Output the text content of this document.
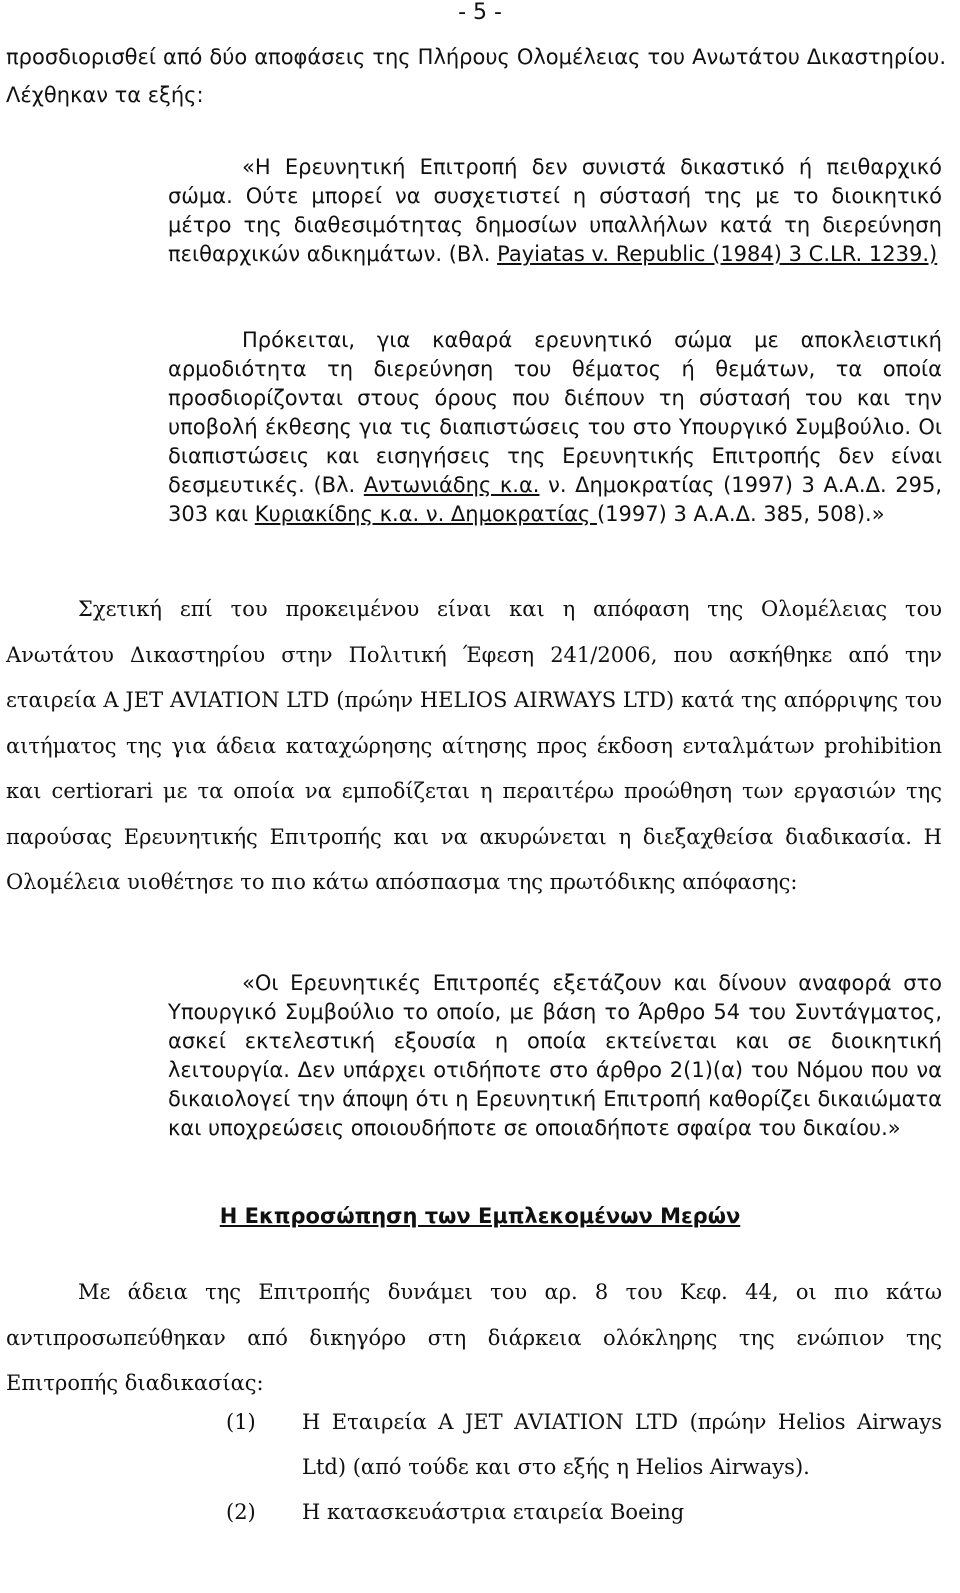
- 5 -
προσδιορισθεί από δύο αποφάσεις της Πλήρους Ολομέλειας του Ανωτάτου Δικαστηρίου. Λέχθηκαν τα εξής:

«Η Ερευνητική Επιτροπή δεν συνιστά δικαστικό ή πειθαρχικό σώμα. Ούτε μπορεί να συσχετιστεί η σύστασή της με το διοικητικό μέτρο της διαθεσιμότητας δημοσίων υπαλλήλων κατά τη διερεύνηση πειθαρχικών αδικημάτων. (Βλ. Payiatas v. Republic (1984) 3 C.LR. 1239.)

Πρόκειται, για καθαρά ερευνητικό σώμα με αποκλειστική αρμοδιότητα τη διερεύνηση του θέματος ή θεμάτων, τα οποία προσδιορίζονται στους όρους που διέπουν τη σύστασή του και την υποβολή έκθεσης για τις διαπιστώσεις του στο Υπουργικό Συμβούλιο. Οι διαπιστώσεις και εισηγήσεις της Ερευνητικής Επιτροπής δεν είναι δεσμευτικές. (Βλ. Αντωνιάδης κ.α. ν. Δημοκρατίας (1997) 3 Α.Α.Δ. 295, 303 και Κυριακίδης κ.α. ν. Δημοκρατίας (1997) 3 Α.Α.Δ. 385, 508).»

Σχετική επί του προκειμένου είναι και η απόφαση της Ολομέλειας του Ανωτάτου Δικαστηρίου στην Πολιτική Έφεση 241/2006, που ασκήθηκε από την εταιρεία A JET AVIATION LTD (πρώην HELIOS AIRWAYS LTD) κατά της απόρριψης του αιτήματος της για άδεια καταχώρησης αίτησης προς έκδοση ενταλμάτων prohibition και certiorari με τα οποία να εμποδίζεται η περαιτέρω προώθηση των εργασιών της παρούσας Ερευνητικής Επιτροπής και να ακυρώνεται η διεξαχθείσα διαδικασία. Η Ολομέλεια υιοθέτησε το πιο κάτω απόσπασμα της πρωτόδικης απόφασης:

«Οι Ερευνητικές Επιτροπές εξετάζουν και δίνουν αναφορά στο Υπουργικό Συμβούλιο το οποίο, με βάση το Άρθρο 54 του Συντάγματος, ασκεί εκτελεστική εξουσία η οποία εκτείνεται και σε διοικητική λειτουργία. Δεν υπάρχει οτιδήποτε στο άρθρο 2(1)(α) του Νόμου που να δικαιολογεί την άποψη ότι η Ερευνητική Επιτροπή καθορίζει δικαιώματα και υποχρεώσεις οποιουδήποτε σε οποιαδήποτε σφαίρα του δικαίου.»

Η Εκπροσώπηση των Εμπλεκομένων Μερών

Με άδεια της Επιτροπής δυνάμει του αρ. 8 του Κεφ. 44, οι πιο κάτω αντιπροσωπεύθηκαν από δικηγόρο στη διάρκεια ολόκληρης της ενώπιον της Επιτροπής διαδικασίας:

(1) Η Εταιρεία A JET AVIATION LTD (πρώην Helios Airways Ltd) (από τούδε και στο εξής η Helios Airways).
(2) Η κατασκευάστρια εταιρεία Boeing
